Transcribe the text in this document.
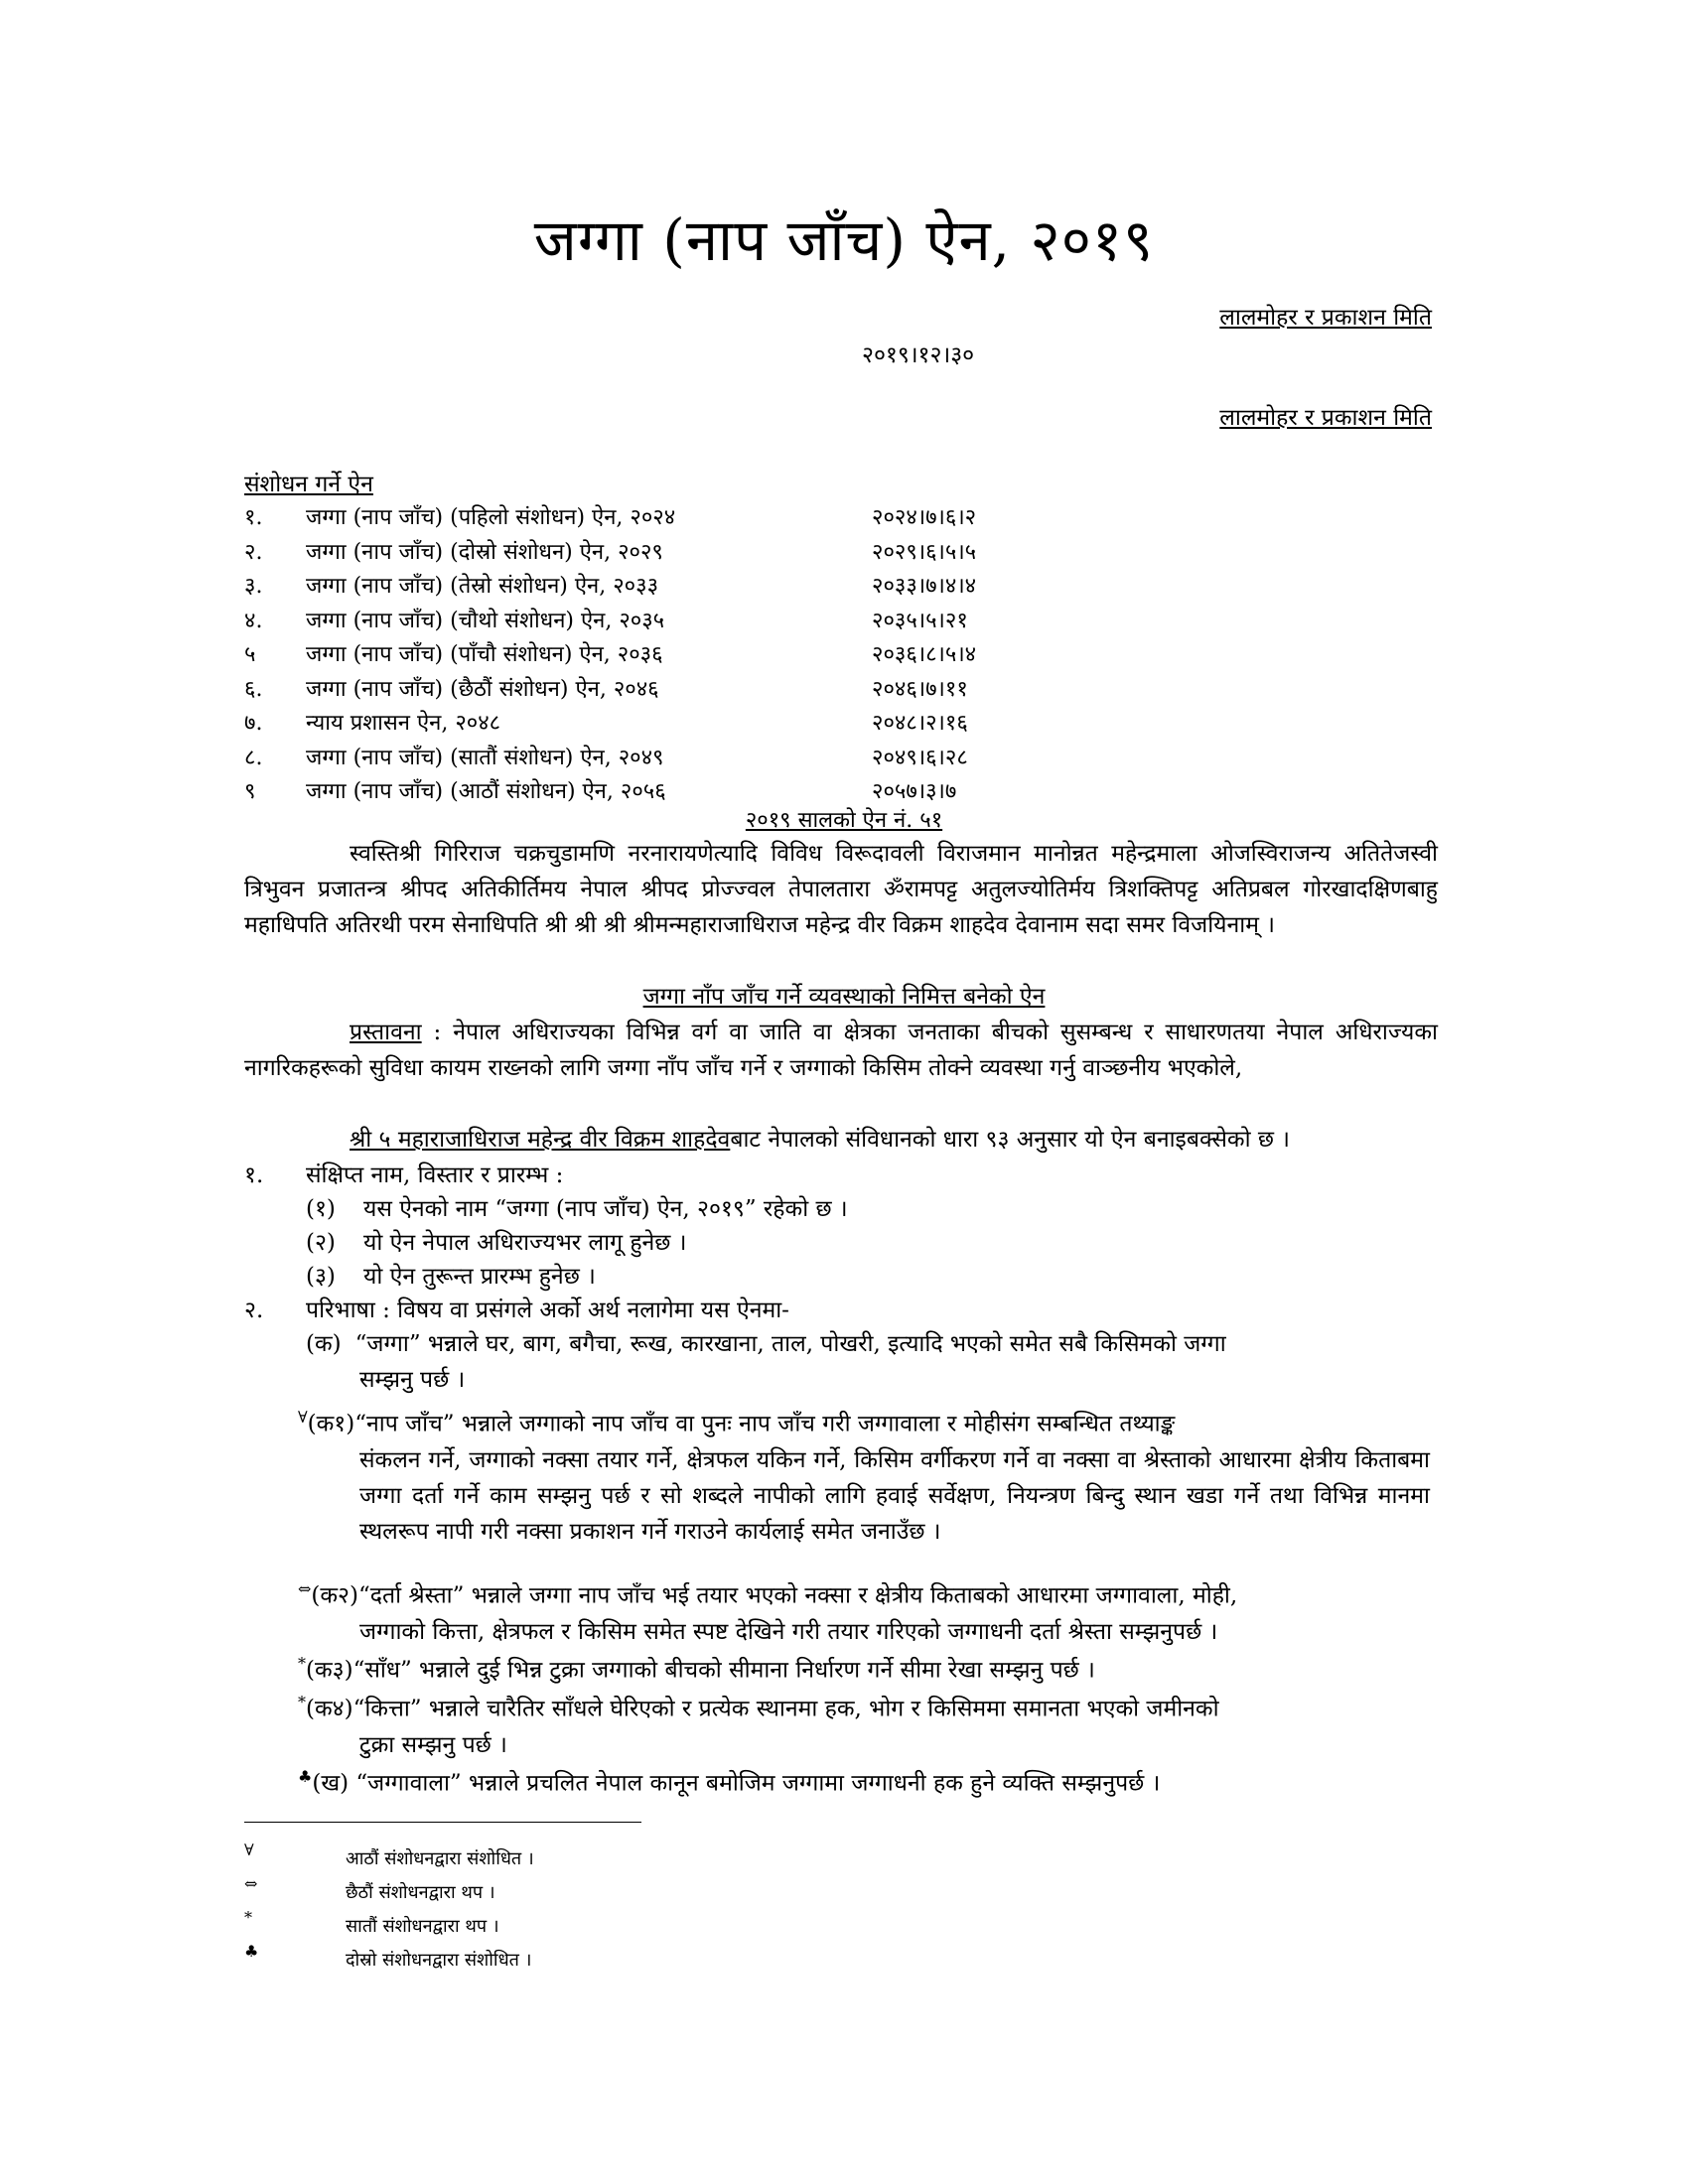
जग्गा (नाप जाँच) ऐन, २०१९
लालमोहर र प्रकाशन मिति
२०१९।१२।३०
लालमोहर र प्रकाशन मिति
संशोधन गर्ने ऐन
१.	जग्गा (नाप जाँच) (पहिलो संशोधन) ऐन, २०२४	२०२४।७।६।२
२.	जग्गा (नाप जाँच) (दोस्रो संशोधन) ऐन, २०२९	२०२९।६।५।५
३.	जग्गा (नाप जाँच) (तेस्रो संशोधन) ऐन, २०३३	२०३३।७।४।४
४.	जग्गा (नाप जाँच) (चौथो संशोधन) ऐन, २०३५	२०३५।५।२१
५	जग्गा (नाप जाँच) (पाँचौ संशोधन) ऐन, २०३६	२०३६।८।५।४
६.	जग्गा (नाप जाँच) (छैठौं संशोधन) ऐन, २०४६	२०४६।७।११
७.	न्याय प्रशासन ऐन, २०४८	२०४८।२।१६
८.	जग्गा (नाप जाँच) (सातौं संशोधन) ऐन, २०४९	२०४९।६।२८
९	जग्गा (नाप जाँच) (आठौं संशोधन) ऐन, २०५६	२०५७।३।७
२०१९ सालको ऐन नं. ५१
स्वस्तिश्री गिरिराज चक्रचुडामणि नरनारायणेत्यादि विविध विरूदावली विराजमान मानोन्नत महेन्द्रमाला ओजस्विराजन्य अतितेजस्वी त्रिभुवन प्रजातन्त्र श्रीपद अतिकीर्तिमय नेपाल श्रीपद प्रोज्ज्वल तेपालतारा ॐरामपट्ट अतुलज्योतिर्मय त्रिशक्तिपट्ट अतिप्रबल गोरखादक्षिणबाहु महाधिपति अतिरथी परम सेनाधिपति श्री श्री श्री श्रीमन्महाराजाधिराज महेन्द्र वीर विक्रम शाहदेव देवानाम सदा समर विजयिनाम् ।
जग्गा नाँप जाँच गर्ने व्यवस्थाको निमित्त बनेको ऐन
प्रस्तावना : नेपाल अधिराज्यका विभिन्न वर्ग वा जाति वा क्षेत्रका जनताका बीचको सुसम्बन्ध र साधारणतया नेपाल अधिराज्यका नागरिकहरूको सुविधा कायम राख्नको लागि जग्गा नाँप जाँच गर्ने र जग्गाको किसिम तोक्ने व्यवस्था गर्नु वाञ्छनीय भएकोले,
श्री ५ महाराजाधिराज महेन्द्र वीर विक्रम शाहदेवबाट नेपालको संविधानको धारा ९३ अनुसार यो ऐन बनाइबक्सेको छ ।
१. संक्षिप्त नाम, विस्तार र प्रारम्भ :
(१) यस ऐनको नाम “जग्गा (नाप जाँच) ऐन, २०१९” रहेको छ ।
(२) यो ऐन नेपाल अधिराज्यभर लागू हुनेछ ।
(३) यो ऐन तुरून्त प्रारम्भ हुनेछ ।
२. परिभाषा : विषय वा प्रसंगले अर्को अर्थ नलागेमा यस ऐनमा-
(क) “जग्गा” भन्नाले घर, बाग, बगैचा, रूख, कारखाना, ताल, पोखरी, इत्यादि भएको समेत सबै किसिमको जग्गा
सम्झनु पर्छ ।
∀(क१)“नाप जाँच” भन्नाले जग्गाको नाप जाँच वा पुनः नाप जाँच गरी जग्गावाला र मोहीसंग सम्बन्धित तथ्याङ्क
संकलन गर्ने, जग्गाको नक्सा तयार गर्ने, क्षेत्रफल यकिन गर्ने, किसिम वर्गीकरण गर्ने वा नक्सा वा श्रेस्ताको आधारमा क्षेत्रीय किताबमा जग्गा दर्ता गर्ने काम सम्झनु पर्छ र सो शब्दले नापीको लागि हवाई सर्वेक्षण, नियन्त्रण बिन्दु स्थान खडा गर्ने तथा विभिन्न मानमा स्थलरूप नापी गरी नक्सा प्रकाशन गर्ने गराउने कार्यलाई समेत जनाउँछ ।
⇔(क२)“दर्ता श्रेस्ता” भन्नाले जग्गा नाप जाँच भई तयार भएको नक्सा र क्षेत्रीय किताबको आधारमा जग्गावाला, मोही,
जग्गाको कित्ता, क्षेत्रफल र किसिम समेत स्पष्ट देखिने गरी तयार गरिएको जग्गाधनी दर्ता श्रेस्ता सम्झनुपर्छ ।
*(क३)“साँध” भन्नाले दुई भिन्न टुक्रा जग्गाको बीचको सीमाना निर्धारण गर्ने सीमा रेखा सम्झनु पर्छ ।
*(क४)“कित्ता” भन्नाले चारैतिर साँधले घेरिएको र प्रत्येक स्थानमा हक, भोग र किसिममा समानता भएको जमीनको
टुक्रा सम्झनु पर्छ ।
♣(ख) “जग्गावाला” भन्नाले प्रचलित नेपाल कानून बमोजिम जग्गामा जग्गाधनी हक हुने व्यक्ति सम्झनुपर्छ ।
∀	आठौं संशोधनद्वारा संशोधित ।
⇔	छैठौं संशोधनद्वारा थप ।
*	सातौं संशोधनद्वारा थप ।
♣	दोस्रो संशोधनद्वारा संशोधित ।
